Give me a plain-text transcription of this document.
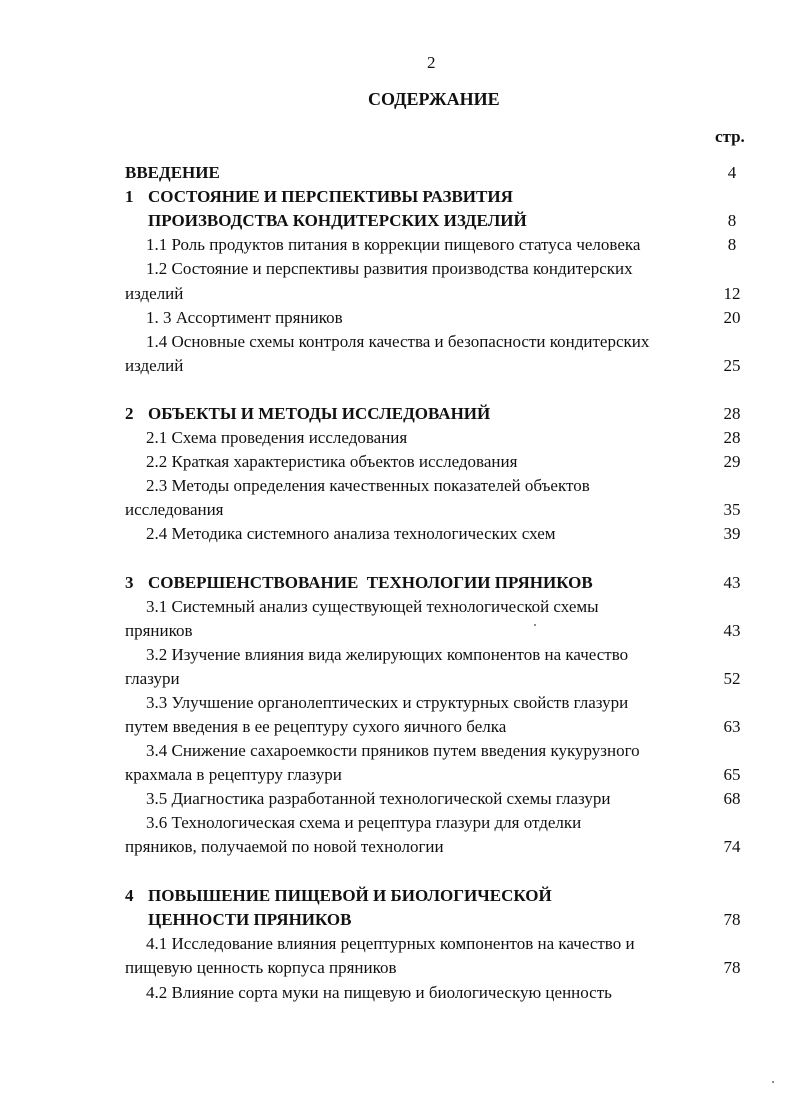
2
СОДЕРЖАНИЕ
стр.
ВВЕДЕНИЕ	4
1 СОСТОЯНИЕ И ПЕРСПЕКТИВЫ РАЗВИТИЯ
ПРОИЗВОДСТВА КОНДИТЕРСКИХ ИЗДЕЛИЙ	8
1.1 Роль продуктов питания в коррекции пищевого статуса человека	8
1.2 Состояние и перспективы развития производства кондитерских
изделий	12
1. 3 Ассортимент пряников	20
1.4 Основные схемы контроля качества и безопасности кондитерских
изделий	25
2 ОБЪЕКТЫ И МЕТОДЫ ИССЛЕДОВАНИЙ	28
2.1 Схема проведения исследования	28
2.2 Краткая характеристика объектов исследования	29
2.3 Методы определения качественных показателей объектов
исследования	35
2.4 Методика системного анализа технологических схем	39
3 СОВЕРШЕНСТВОВАНИЕ  ТЕХНОЛОГИИ ПРЯНИКОВ	43
3.1 Системный анализ существующей технологической схемы
пряников	43
3.2 Изучение влияния вида желирующих компонентов на качество
глазури	52
3.3 Улучшение органолептических и структурных свойств глазури
путем введения в ее рецептуру сухого яичного белка	63
3.4 Снижение сахароемкости пряников путем введения кукурузного
крахмала в рецептуру глазури	65
3.5 Диагностика разработанной технологической схемы глазури	68
3.6 Технологическая схема и рецептура глазури для отделки
пряников, получаемой по новой технологии	74
4 ПОВЫШЕНИЕ ПИЩЕВОЙ И БИОЛОГИЧЕСКОЙ
ЦЕННОСТИ ПРЯНИКОВ	78
4.1 Исследование влияния рецептурных компонентов на качество и
пищевую ценность корпуса пряников	78
4.2 Влияние сорта муки на пищевую и биологическую ценность
